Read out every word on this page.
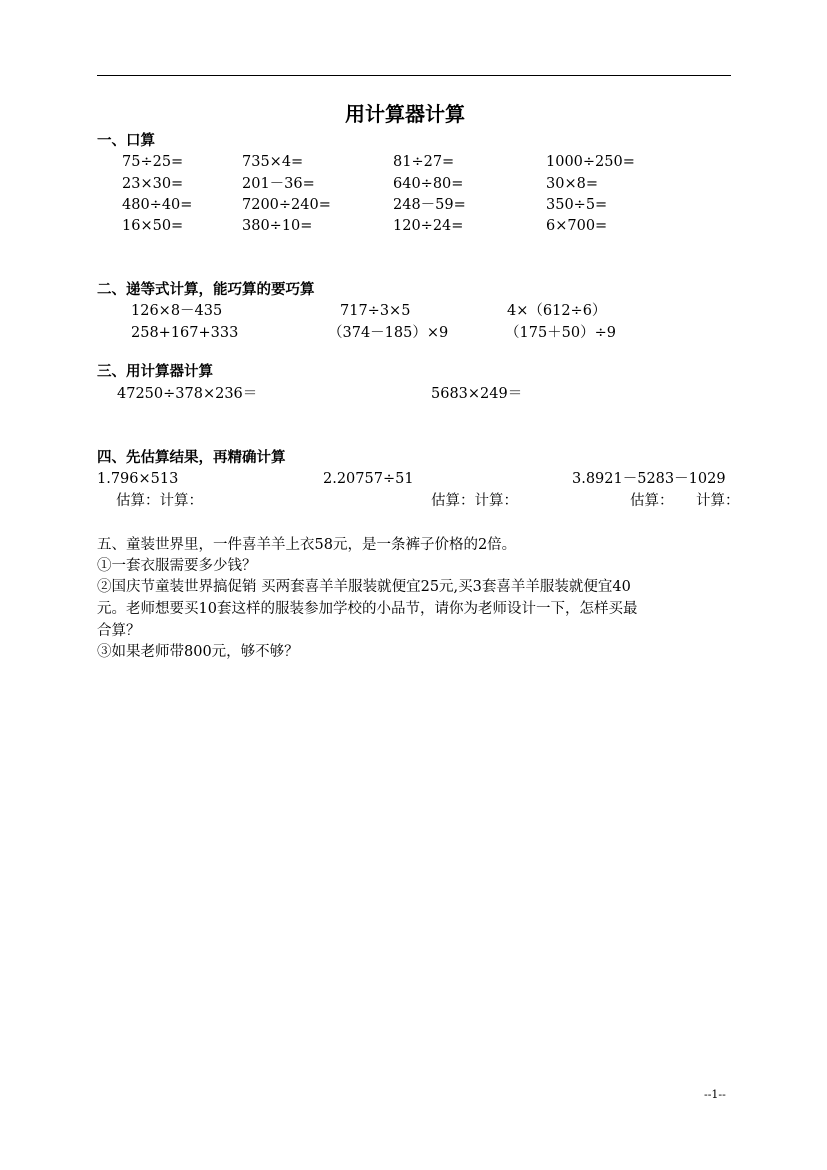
用计算器计算
一、口算
75÷25=	735×4=	81÷27=	1000÷250=
23×30=	201－36=	640÷80=	30×8=
480÷40=	7200÷240=	248－59=	350÷5=
16×50=	380÷10=	120÷24=	6×700=
二、递等式计算，能巧算的要巧算
126×8－435	717÷3×5	4×（612÷6）
258+167+333	（374－185）×9	（175＋50）÷9
三、用计算器计算
47250÷378×236＝	5683×249＝
四、先估算结果，再精确计算
1.796×513	2.20757÷51	3.8921－5283－1029
估算：计算：	估算：计算：	估算： 计算：
五、童装世界里，一件喜羊羊上衣58元，是一条裤子价格的2倍。
①一套衣服需要多少钱？
②国庆节童装世界搞促销 买两套喜羊羊服装就便宜25元,买3套喜羊羊服装就便宜40
元。老师想要买10套这样的服装参加学校的小品节，请你为老师设计一下，怎样买最
合算？
③如果老师带800元，够不够？
--1--
